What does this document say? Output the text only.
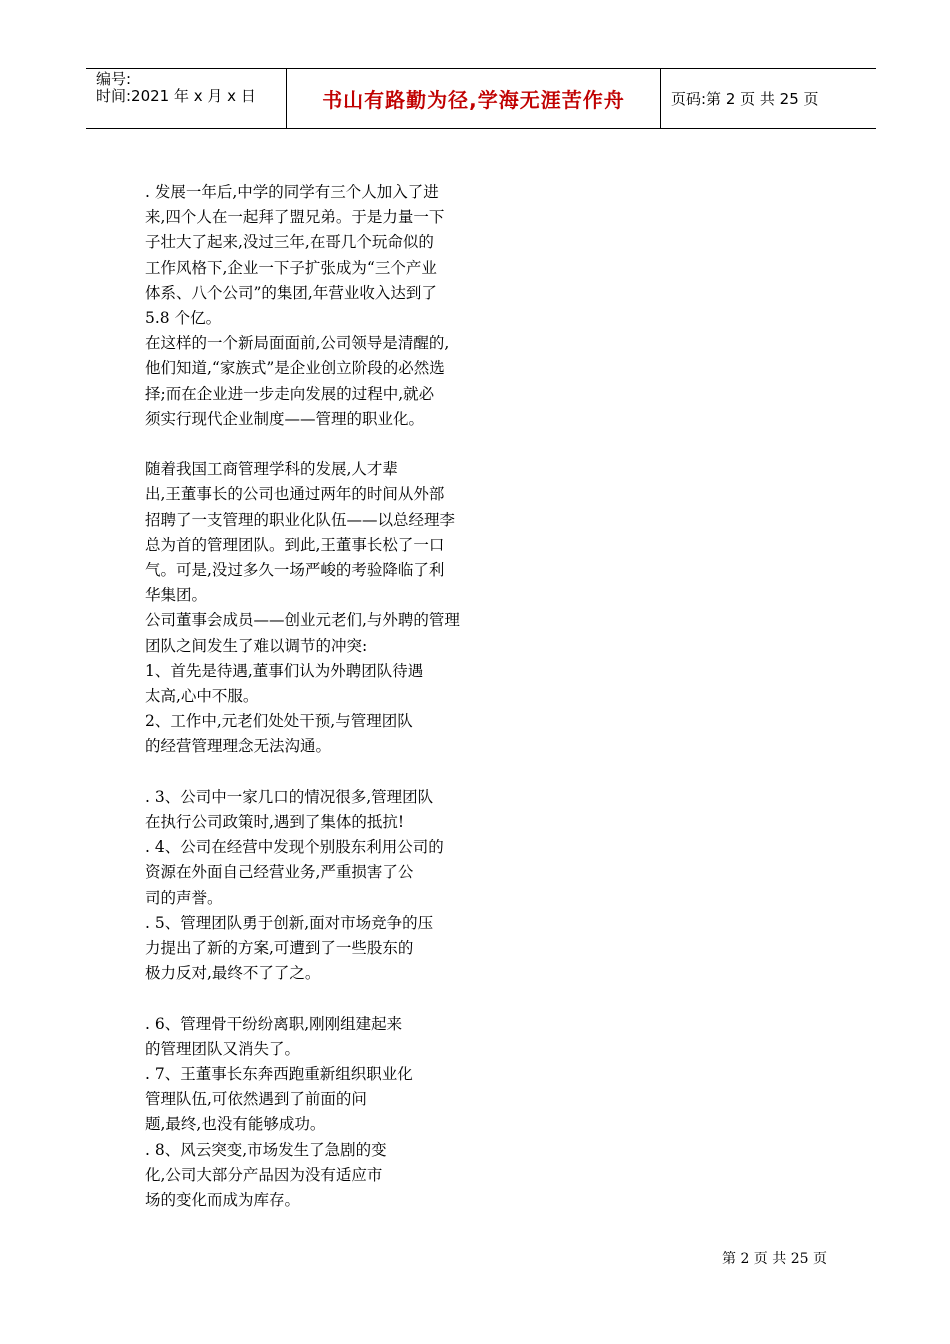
编号:
时间:2021 年 x 月 x 日	书山有路勤为径,学海无涯苦作舟	页码:第 2 页 共 25 页

. 发展一年后,中学的同学有三个人加入了进

来,四个人在一起拜了盟兄弟。于是力量一下

子壮大了起来,没过三年,在哥几个玩命似的

工作风格下,企业一下子扩张成为“三个产业

体系、八个公司”的集团,年营业收入达到了

5.8 个亿。

在这样的一个新局面面前,公司领导是清醒的,

他们知道,“家族式”是企业创立阶段的必然选

择;而在企业进一步走向发展的过程中,就必

须实行现代企业制度——管理的职业化。

随着我国工商管理学科的发展,人才辈

出,王董事长的公司也通过两年的时间从外部

招聘了一支管理的职业化队伍——以总经理李

总为首的管理团队。到此,王董事长松了一口

气。可是,没过多久一场严峻的考验降临了利

华集团。

公司董事会成员——创业元老们,与外聘的管理

团队之间发生了难以调节的冲突:

1、首先是待遇,董事们认为外聘团队待遇

太高,心中不服。

2、工作中,元老们处处干预,与管理团队

的经营管理理念无法沟通。

. 3、公司中一家几口的情况很多,管理团队

在执行公司政策时,遇到了集体的抵抗!

. 4、公司在经营中发现个别股东利用公司的

资源在外面自己经营业务,严重损害了公

司的声誉。

. 5、管理团队勇于创新,面对市场竞争的压

力提出了新的方案,可遭到了一些股东的

极力反对,最终不了了之。

. 6、管理骨干纷纷离职,刚刚组建起来

的管理团队又消失了。

. 7、王董事长东奔西跑重新组织职业化

管理队伍,可依然遇到了前面的问

题,最终,也没有能够成功。

. 8、风云突变,市场发生了急剧的变

化,公司大部分产品因为没有适应市

场的变化而成为库存。

第 2 页 共 25 页
